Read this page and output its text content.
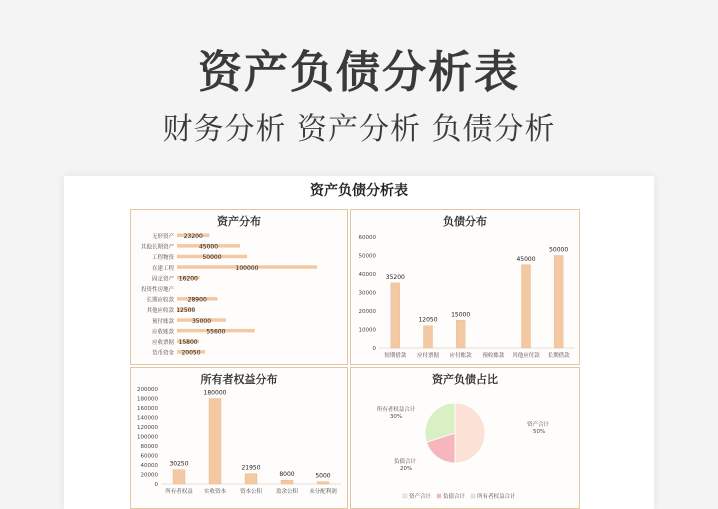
资产负债分析表
财务分析 资产分析 负债分析
资产负债分析表
资产分布
无形资产 23200
其他长期资产	45000
工程物资	50000
在建工程	100000
固定资产 16200
投资性房地产
长期应收款 28900
其他应收款 12500
预付账款	35000
应收账款	55600
应收票据 15800
货币资金 20050
负债分布
0
10000
20000
30000
40000
50000
60000
短期借款
35200
应付票据
12050
应付账款
15000
预收账款 其他应付款
45000
长期借款
50000
所有者权益分布
0
20000
40000
60000
80000
100000
120000
140000
160000
180000
200000
所有者权益
30250
实收资本
180000
资本公积
21950
盈余公积
8000
未分配利润
5000
资产负债占比
资产合计
50%
负债合计
20%
所有者权益合计
30%
资产合计 负债合计 所有者权益合计
